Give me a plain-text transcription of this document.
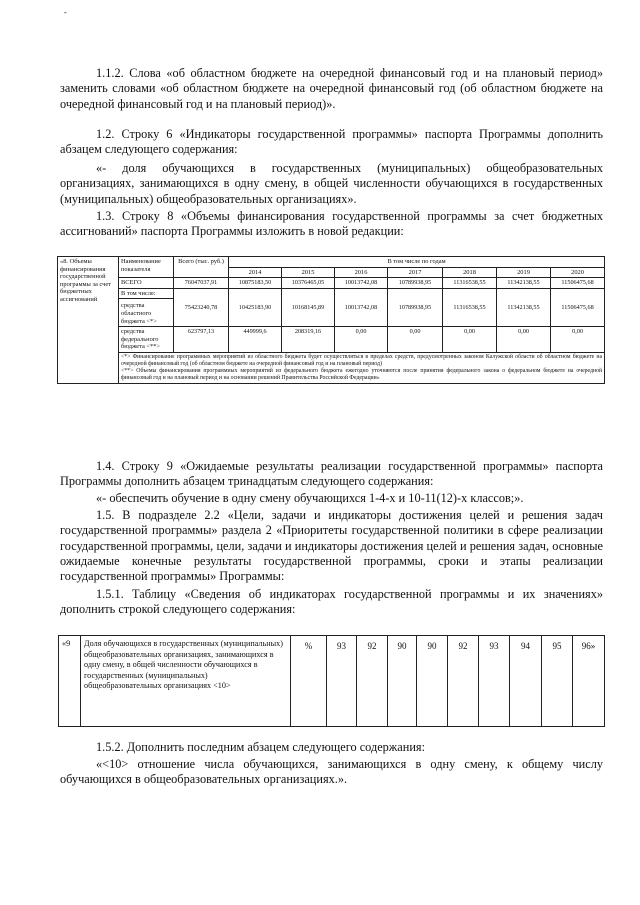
-

1.1.2. Слова «об областном бюджете на очередной финансовый год и на плановый период» заменить словами «об областном бюджете на очередной финансовый год (об областном бюджете на очередной финансовый год и на плановый период)».

1.2. Строку 6 «Индикаторы государственной программы» паспорта Программы дополнить абзацем следующего содержания:

«- доля обучающихся в государственных (муниципальных) общеобразовательных организациях, занимающихся в одну смену, в общей численности обучающихся в государственных (муниципальных) общеобразовательных организациях».

1.3. Строку 8 «Объемы финансирования государственной программы за счет бюджетных ассигнований» паспорта Программы изложить в новой редакции:

«8. Объемы финансирования государственной программы за счет бюджетных ассигнований	Наименование показателя	Всего (тыс. руб.)	В том числе по годам						
			2014	2015	2016	2017	2018	2019	2020
	ВСЕГО	76047037,91	10875183,50	10376465,05	10013742,08	10789938,95	11316538,55	11342138,55	11506475,68

	В том числе:
средства областного бюджета <*>	75423240,78	10425183,90	10168145,89	10013742,08	10789938,95	11316538,55	11342138,55	11506475,68
	средства федерального бюджета <**>	623797,13	449999,6	208319,16	0,00	0,00	0,00	0,00	0,00

	<*> Финансирование программных мероприятий из областного бюджета будет осуществляться в пределах средств, предусмотренных законом Калужской области об областном бюджете на очередной финансовый год (об областном бюджете на очередной финансовый год и на плановый период)
<**> Объемы финансирования программных мероприятий из федерального бюджета ежегодно уточняются после принятия федерального закона о федеральном бюджете на очередной финансовый год и на плановый период и на основании решений Правительства Российской Федерации»								

1.4. Строку 9 «Ожидаемые результаты реализации государственной программы» паспорта Программы дополнить абзацем тринадцатым следующего содержания:

«- обеспечить обучение в одну смену обучающихся 1-4-х и 10-11(12)-х классов;».

1.5. В подразделе 2.2 «Цели, задачи и индикаторы достижения целей и решения задач государственной программы» раздела 2 «Приоритеты государственной политики в сфере реализации государственной программы, цели, задачи и индикаторы достижения целей и решения задач, основные ожидаемые конечные результаты государственной программы, сроки и этапы реализации государственной программы» Программы:

1.5.1. Таблицу «Сведения об индикаторах государственной программы и их значениях» дополнить строкой следующего содержания:

«9	Доля обучающихся в государственных (муниципальных) общеобразовательных организациях, занимающихся в одну смену, в общей численности обучающихся в государственных (муниципальных) общеобразовательных организациях <10>	%	93	92	90	90	92	93	94	95	96»

1.5.2. Дополнить последним абзацем следующего содержания:

«<10> отношение числа обучающихся, занимающихся в одну смену, к общему числу обучающихся в общеобразовательных организациях.».
